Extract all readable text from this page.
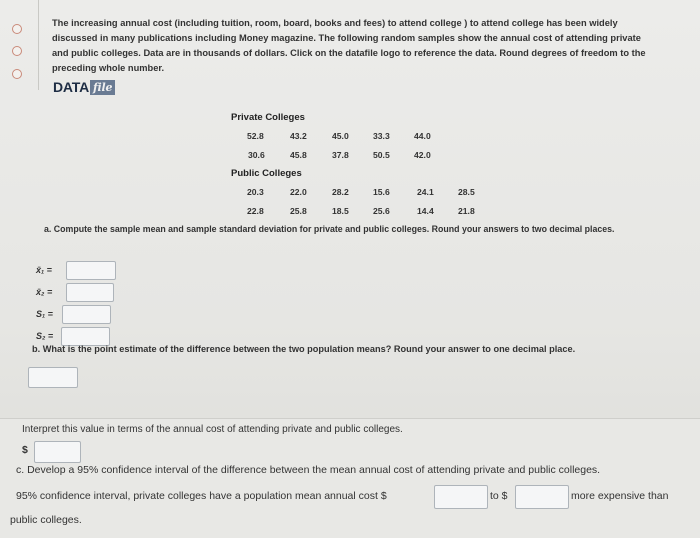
The increasing annual cost (including tuition, room, board, books and fees) to attend college ) to attend college has been widely discussed in many publications including Money magazine. The following random samples show the annual cost of attending private and public colleges. Data are in thousands of dollars. Click on the datafile logo to reference the data. Round degrees of freedom to the preceding whole number.
DATA file
Private Colleges
52.8	43.2	45.0	33.3	44.0
30.6	45.8	37.8	50.5	42.0
Public Colleges
20.3	22.0	28.2	15.6	24.1	28.5
22.8	25.8	18.5	25.6	14.4	21.8
a. Compute the sample mean and sample standard deviation for private and public colleges. Round your answers to two decimal places.
x̄₁ =
x̄₂ =
S₁ =
S₂ =
b. What is the point estimate of the difference between the two population means? Round your answer to one decimal place.
Interpret this value in terms of the annual cost of attending private and public colleges.
$
c. Develop a 95% confidence interval of the difference between the mean annual cost of attending private and public colleges.
95% confidence interval, private colleges have a population mean annual cost $	to $	more expensive than
public colleges.
